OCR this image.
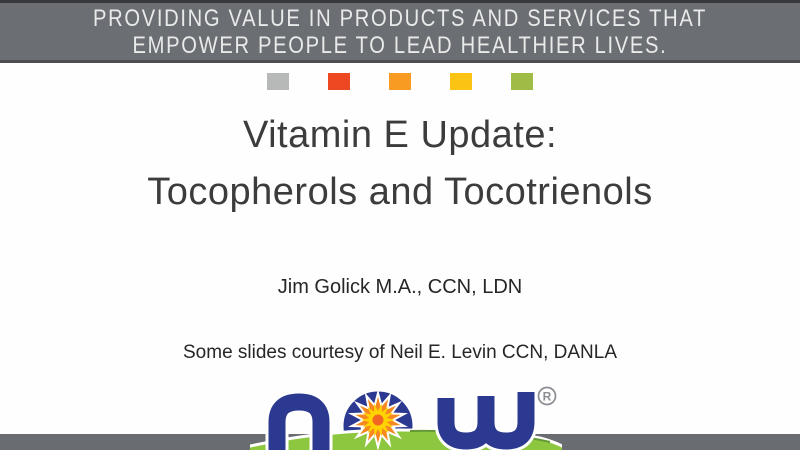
PROVIDING VALUE IN PRODUCTS AND SERVICES THAT
EMPOWER PEOPLE TO LEAD HEALTHIER LIVES.
Vitamin E Update:
Tocopherols and Tocotrienols
Jim Golick M.A., CCN, LDN
Some slides courtesy of Neil E. Levin CCN, DANLA
R
